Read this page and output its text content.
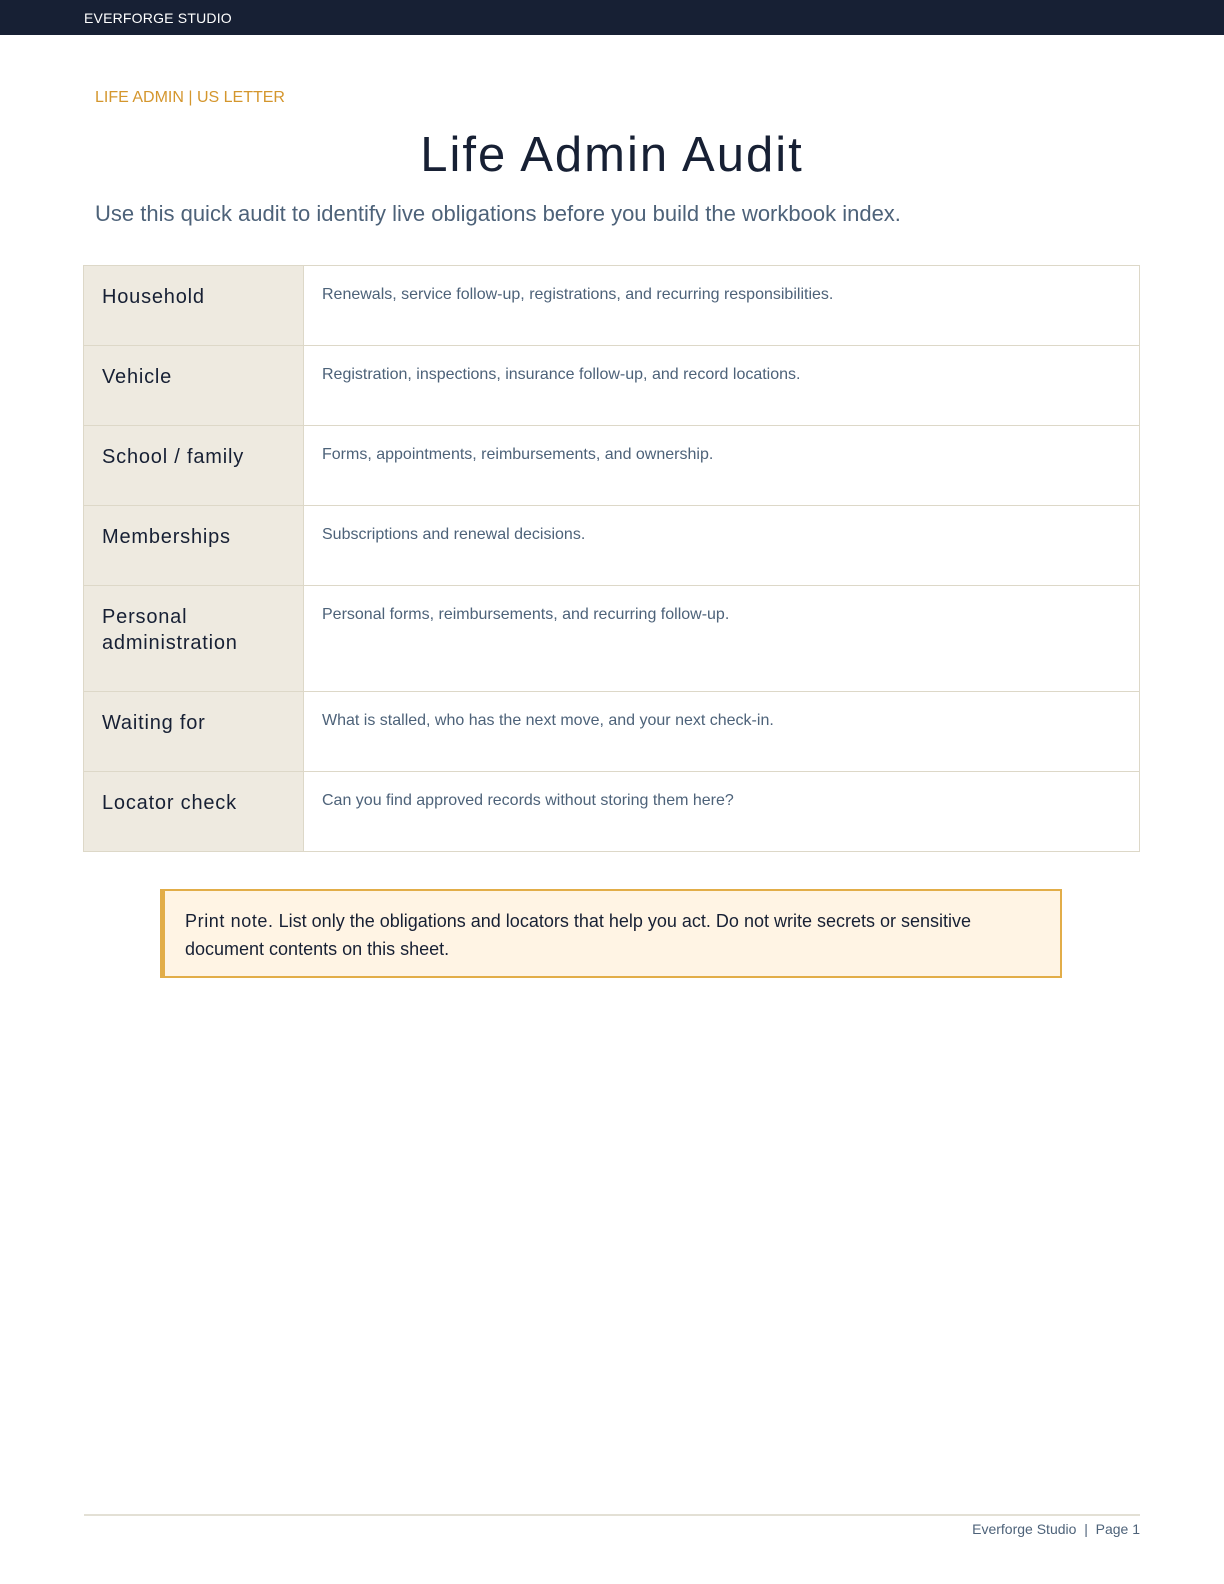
EVERFORGE STUDIO
LIFE ADMIN | US LETTER
Life Admin Audit
Use this quick audit to identify live obligations before you build the workbook index.
Household	Renewals, service follow-up, registrations, and recurring responsibilities.
Vehicle	Registration, inspections, insurance follow-up, and record locations.
School / family	Forms, appointments, reimbursements, and ownership.
Memberships	Subscriptions and renewal decisions.
Personal administration	Personal forms, reimbursements, and recurring follow-up.
Waiting for	What is stalled, who has the next move, and your next check-in.
Locator check	Can you find approved records without storing them here?
Print note. List only the obligations and locators that help you act. Do not write secrets or sensitive document contents on this sheet.
Everforge Studio  |  Page 1
